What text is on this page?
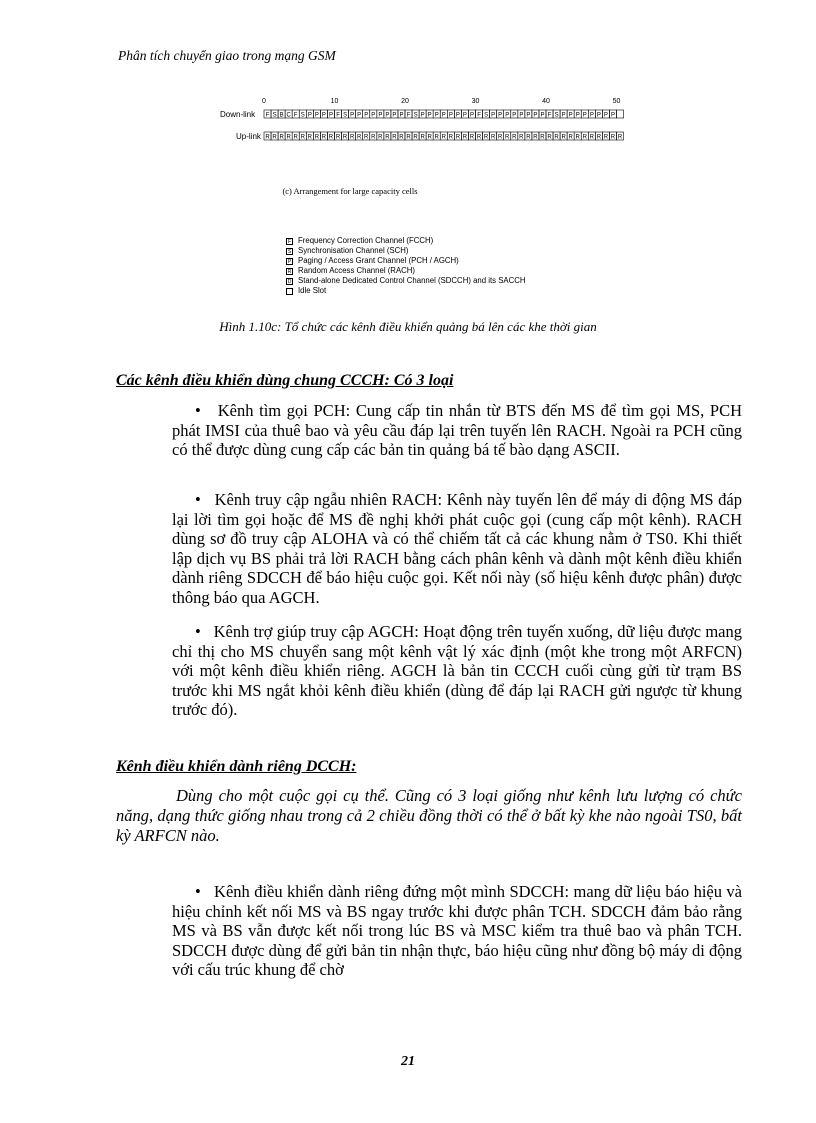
Phân tích chuyển giao trong mạng GSM
0	10	20	30	40	50
Down-link
Up-link
F S B C F S P P P P F S P P P P P P P P F S P P P P P P P P F S P P P P P P P P F S P P P P P P P P
R R R R R R R R R R R R R R R R R R R R R R R R R R R R R R R R R R R R R R R R R R R R R R R R R R R
(c) Arrangement for large capacity cells
F Frequency Correction Channel (FCCH)
S Synchronisation Channel (SCH)
P Paging / Access Grant Channel (PCH / AGCH)
R Random Access Channel (RACH)
D Stand-alone Dedicated Control Channel (SDCCH) and its SACCH
Idle Slot
Hình 1.10c: Tổ chức các kênh điều khiển quảng bá lên các khe thời gian
Các kênh điều khiển dùng chung CCCH: Có 3 loại
•   Kênh tìm gọi PCH: Cung cấp tin nhắn từ BTS đến MS để tìm gọi MS, PCH phát IMSI của thuê bao và yêu cầu đáp lại trên tuyến lên RACH. Ngoài ra PCH cũng có thể được dùng cung cấp các bản tin quảng bá tế bào dạng ASCII.
•   Kênh truy cập ngẫu nhiên RACH: Kênh này tuyến lên để máy di động MS đáp lại lời tìm gọi hoặc để MS đề nghị khởi phát cuộc gọi (cung cấp một kênh). RACH dùng sơ đồ truy cập ALOHA và có thể chiếm tất cả các khung nằm ở TS0. Khi thiết lập dịch vụ BS phải trả lời RACH bằng cách phân kênh và dành một kênh điều khiển dành riêng SDCCH để báo hiệu cuộc gọi. Kết nối này (số hiệu kênh được phân) được thông báo qua AGCH.
•   Kênh trợ giúp truy cập AGCH: Hoạt động trên tuyến xuống, dữ liệu được mang chỉ thị cho MS chuyển sang một kênh vật lý xác định (một khe trong một ARFCN) với một kênh điều khiển riêng. AGCH là bản tin CCCH cuối cùng gửi từ trạm BS trước khi MS ngắt khỏi kênh điều khiển (dùng để đáp lại RACH gửi ngược từ khung trước đó).
Kênh điều khiển dành riêng DCCH:
Dùng cho một cuộc gọi cụ thể. Cũng có 3 loại giống như kênh lưu lượng có chức năng, dạng thức giống nhau trong cả 2 chiều đồng thời có thể ở bất kỳ khe nào ngoài TS0, bất kỳ ARFCN nào.
•   Kênh điều khiển dành riêng đứng một mình SDCCH: mang dữ liệu báo hiệu và hiệu chỉnh kết nối MS và BS ngay trước khi được phân TCH. SDCCH đảm bảo rằng MS và BS vẫn được kết nối trong lúc BS và MSC kiểm tra thuê bao và phân TCH. SDCCH được dùng để gửi bản tin nhận thực, báo hiệu cũng như đồng bộ máy di động với cấu trúc khung để chờ
21
